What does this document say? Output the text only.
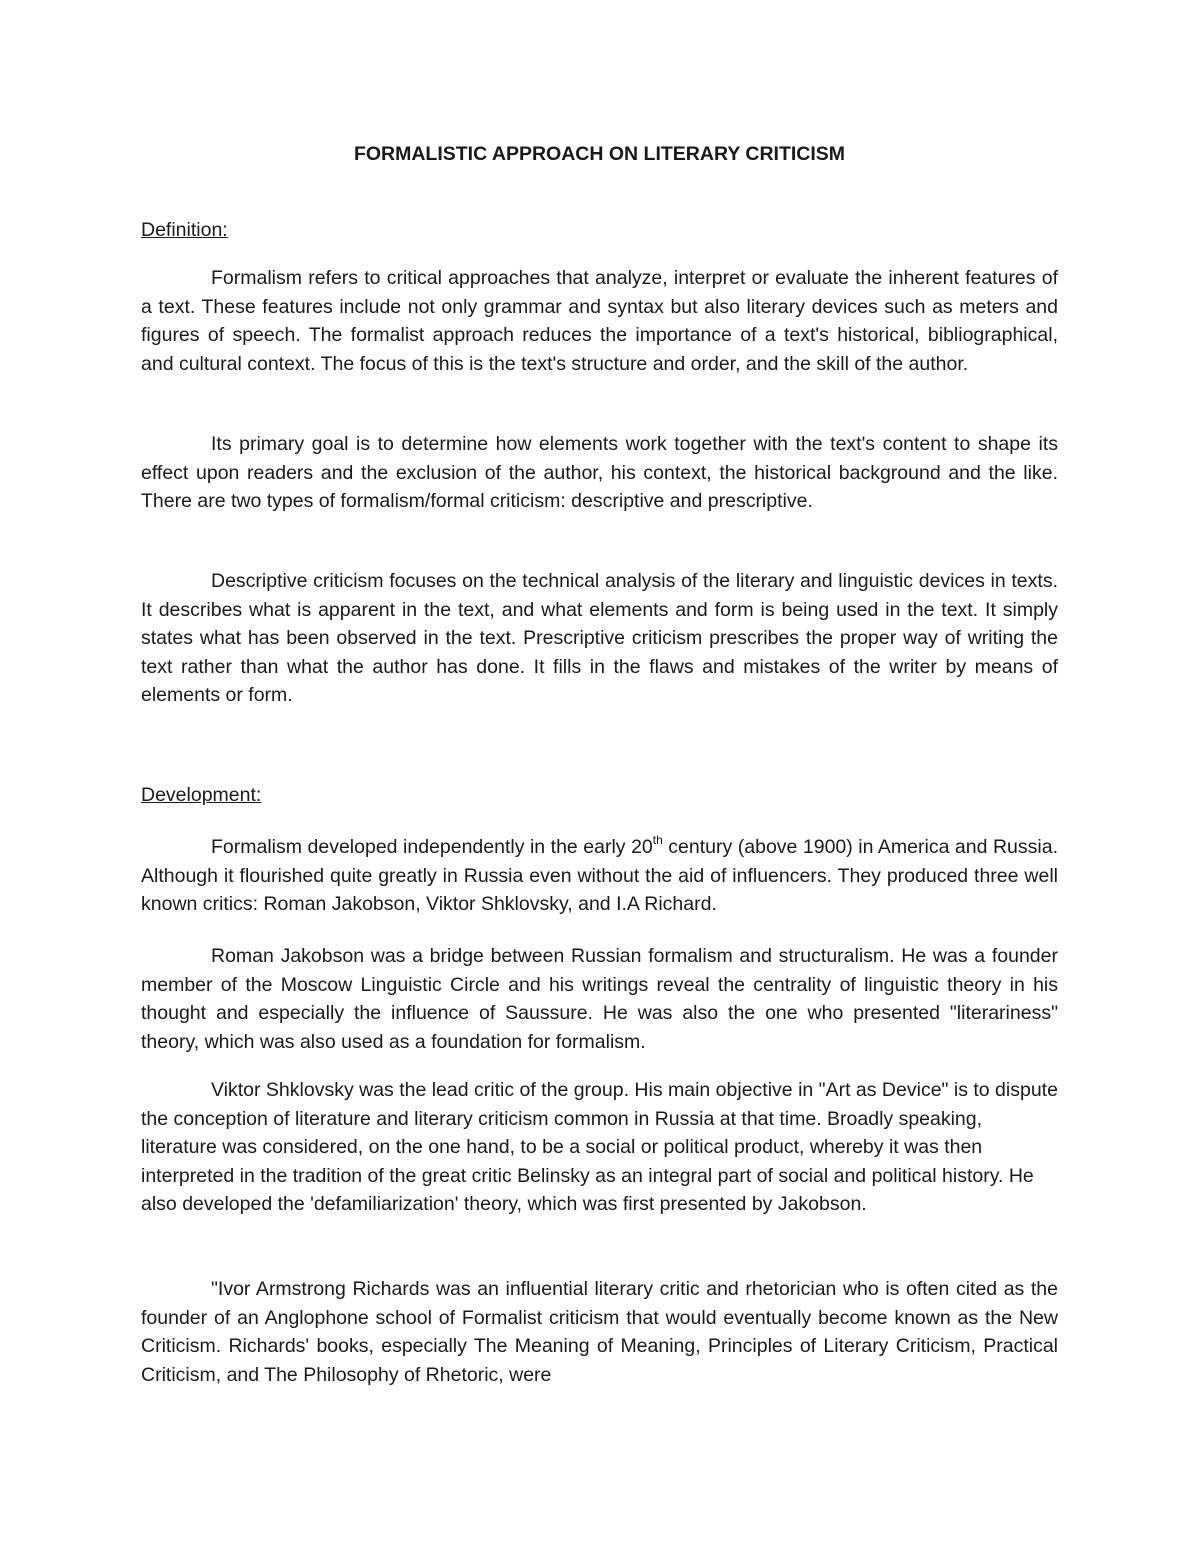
FORMALISTIC APPROACH ON LITERARY CRITICISM
Definition:

Formalism refers to critical approaches that analyze, interpret or evaluate the inherent features of a text. These features include not only grammar and syntax but also literary devices such as meters and figures of speech. The formalist approach reduces the importance of a text's historical, bibliographical, and cultural context. The focus of this is the text's structure and order, and the skill of the author.

Its primary goal is to determine how elements work together with the text's content to shape its effect upon readers and the exclusion of the author, his context, the historical background and the like. There are two types of formalism/formal criticism: descriptive and prescriptive.

Descriptive criticism focuses on the technical analysis of the literary and linguistic devices in texts. It describes what is apparent in the text, and what elements and form is being used in the text. It simply states what has been observed in the text. Prescriptive criticism prescribes the proper way of writing the text rather than what the author has done. It fills in the flaws and mistakes of the writer by means of elements or form.

Development:

Formalism developed independently in the early 20th century (above 1900) in America and Russia. Although it flourished quite greatly in Russia even without the aid of influencers. They produced three well known critics: Roman Jakobson, Viktor Shklovsky, and I.A Richard.

Roman Jakobson was a bridge between Russian formalism and structuralism. He was a founder member of the Moscow Linguistic Circle and his writings reveal the centrality of linguistic theory in his thought and especially the influence of Saussure. He was also the one who presented "literariness" theory, which was also used as a foundation for formalism.

Viktor Shklovsky was the lead critic of the group. His main objective in "Art as Device" is to dispute the conception of literature and literary criticism common in Russia at that time. Broadly speaking, literature was considered, on the one hand, to be a social or political product, whereby it was then interpreted in the tradition of the great critic Belinsky as an integral part of social and political history. He also developed the 'defamiliarization' theory, which was first presented by Jakobson.

"Ivor Armstrong Richards was an influential literary critic and rhetorician who is often cited as the founder of an Anglophone school of Formalist criticism that would eventually become known as the New Criticism. Richards' books, especially The Meaning of Meaning, Principles of Literary Criticism, Practical Criticism, and The Philosophy of Rhetoric, were
